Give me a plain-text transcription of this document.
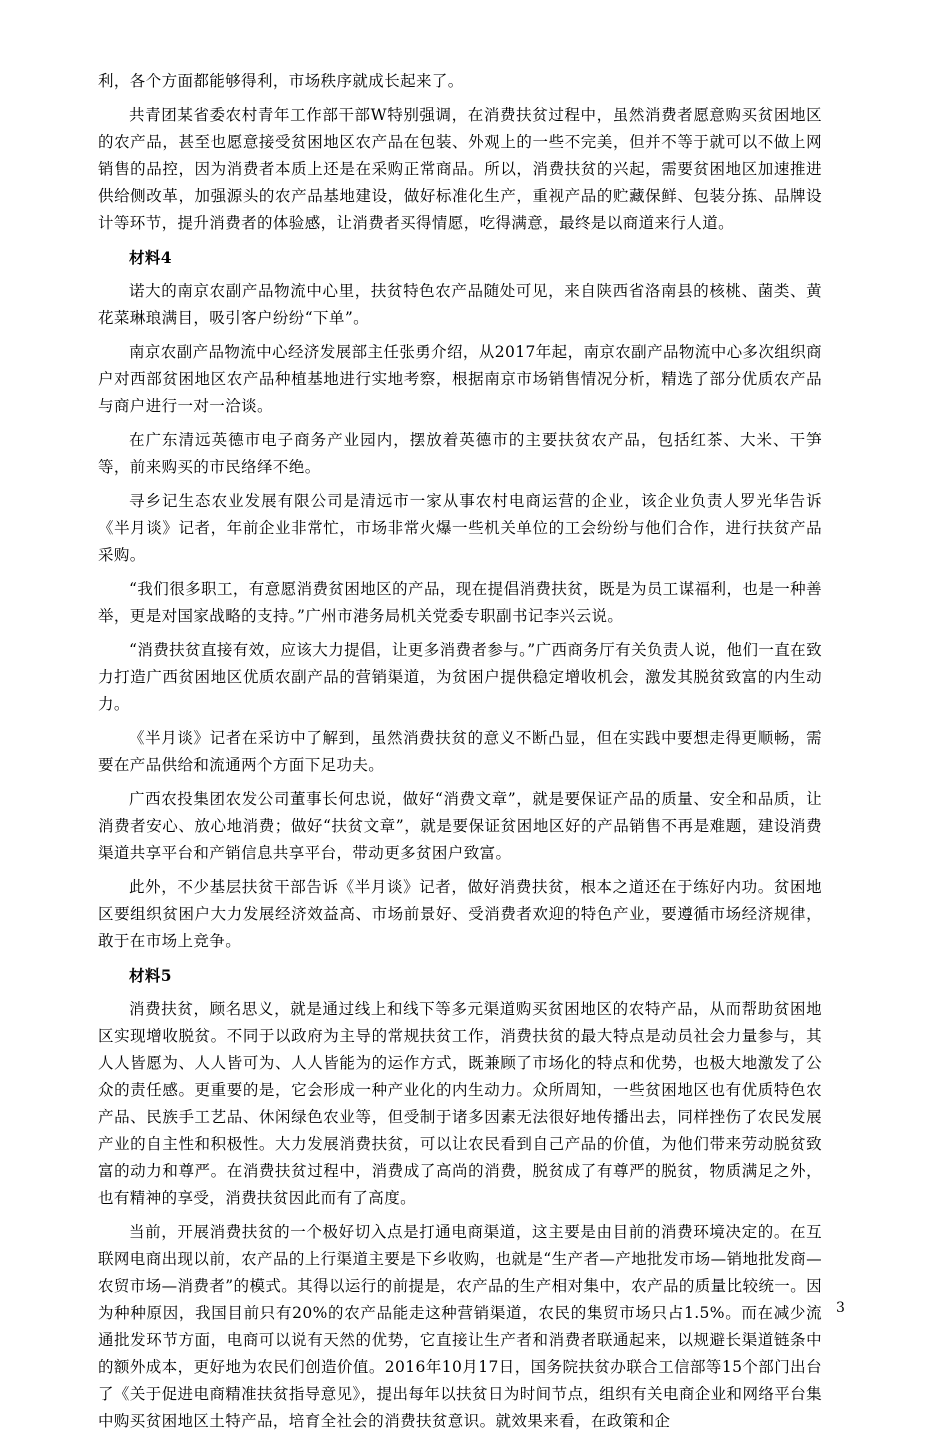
利，各个方面都能够得利，市场秩序就成长起来了。

共青团某省委农村青年工作部干部W特别强调，在消费扶贫过程中，虽然消费者愿意购买贫困地区的农产品，甚至也愿意接受贫困地区农产品在包装、外观上的一些不完美，但并不等于就可以不做上网销售的品控，因为消费者本质上还是在采购正常商品。所以，消费扶贫的兴起，需要贫困地区加速推进供给侧改革，加强源头的农产品基地建设，做好标准化生产，重视产品的贮藏保鲜、包装分拣、品牌设计等环节，提升消费者的体验感，让消费者买得情愿，吃得满意，最终是以商道来行人道。

材料4

诺大的南京农副产品物流中心里，扶贫特色农产品随处可见，来自陕西省洛南县的核桃、菌类、黄花菜琳琅满目，吸引客户纷纷“下单”。

南京农副产品物流中心经济发展部主任张勇介绍，从2017年起，南京农副产品物流中心多次组织商户对西部贫困地区农产品种植基地进行实地考察，根据南京市场销售情况分析，精选了部分优质农产品与商户进行一对一洽谈。

在广东清远英德市电子商务产业园内，摆放着英德市的主要扶贫农产品，包括红茶、大米、干笋等，前来购买的市民络绎不绝。

寻乡记生态农业发展有限公司是清远市一家从事农村电商运营的企业，该企业负责人罗光华告诉《半月谈》记者，年前企业非常忙，市场非常火爆一些机关单位的工会纷纷与他们合作，进行扶贫产品采购。

“我们很多职工，有意愿消费贫困地区的产品，现在提倡消费扶贫，既是为员工谋福利，也是一种善举，更是对国家战略的支持。”广州市港务局机关党委专职副书记李兴云说。

“消费扶贫直接有效，应该大力提倡，让更多消费者参与。”广西商务厅有关负责人说，他们一直在致力打造广西贫困地区优质农副产品的营销渠道，为贫困户提供稳定增收机会，激发其脱贫致富的内生动力。

《半月谈》记者在采访中了解到，虽然消费扶贫的意义不断凸显，但在实践中要想走得更顺畅，需要在产品供给和流通两个方面下足功夫。

广西农投集团农发公司董事长何忠说，做好“消费文章”，就是要保证产品的质量、安全和品质，让消费者安心、放心地消费；做好“扶贫文章”，就是要保证贫困地区好的产品销售不再是难题，建设消费渠道共享平台和产销信息共享平台，带动更多贫困户致富。

此外，不少基层扶贫干部告诉《半月谈》记者，做好消费扶贫，根本之道还在于练好内功。贫困地区要组织贫困户大力发展经济效益高、市场前景好、受消费者欢迎的特色产业，要遵循市场经济规律，敢于在市场上竞争。

材料5

消费扶贫，顾名思义，就是通过线上和线下等多元渠道购买贫困地区的农特产品，从而帮助贫困地区实现增收脱贫。不同于以政府为主导的常规扶贫工作，消费扶贫的最大特点是动员社会力量参与，其人人皆愿为、人人皆可为、人人皆能为的运作方式，既兼顾了市场化的特点和优势，也极大地激发了公众的责任感。更重要的是，它会形成一种产业化的内生动力。众所周知，一些贫困地区也有优质特色农产品、民族手工艺品、休闲绿色农业等，但受制于诸多因素无法很好地传播出去，同样挫伤了农民发展产业的自主性和积极性。大力发展消费扶贫，可以让农民看到自己产品的价值，为他们带来劳动脱贫致富的动力和尊严。在消费扶贫过程中，消费成了高尚的消费，脱贫成了有尊严的脱贫，物质满足之外，也有精神的享受，消费扶贫因此而有了高度。

当前，开展消费扶贫的一个极好切入点是打通电商渠道，这主要是由目前的消费环境决定的。在互联网电商出现以前，农产品的上行渠道主要是下乡收购，也就是“生产者—产地批发市场—销地批发商—农贸市场—消费者”的模式。其得以运行的前提是，农产品的生产相对集中，农产品的质量比较统一。因为种种原因，我国目前只有20%的农产品能走这种营销渠道，农民的集贸市场只占1.5%。而在减少流通批发环节方面，电商可以说有天然的优势，它直接让生产者和消费者联通起来，以规避长渠道链条中的额外成本，更好地为农民们创造价值。2016年10月17日，国务院扶贫办联合工信部等15个部门出台了《关于促进电商精准扶贫指导意见》，提出每年以扶贫日为时间节点，组织有关电商企业和网络平台集中购买贫困地区土特产品，培育全社会的消费扶贫意识。就效果来看，在政策和企

3
